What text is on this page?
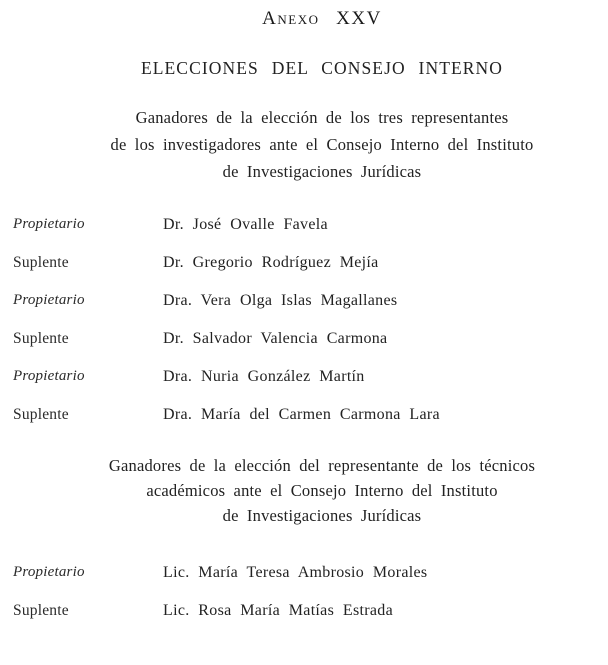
Anexo XXV
ELECCIONES DEL CONSEJO INTERNO
Ganadores de la elección de los tres representantes
de los investigadores ante el Consejo Interno del Instituto
de Investigaciones Jurídicas
Propietario	Dr. José Ovalle Favela
Suplente	Dr. Gregorio Rodríguez Mejía
Propietario	Dra. Vera Olga Islas Magallanes
Suplente	Dr. Salvador Valencia Carmona
Propietario	Dra. Nuria González Martín
Suplente	Dra. María del Carmen Carmona Lara
Ganadores de la elección del representante de los técnicos
académicos ante el Consejo Interno del Instituto
de Investigaciones Jurídicas
Propietario	Lic. María Teresa Ambrosio Morales
Suplente	Lic. Rosa María Matías Estrada
